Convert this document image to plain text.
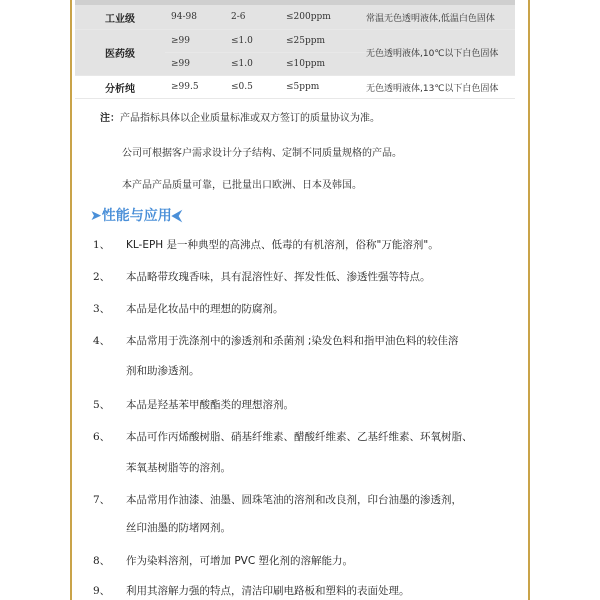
工业级	94-98	2-6	≤200ppm	常温无色透明液体,低温白色固体
医药级	≥99	≤1.0	≤25ppm	无色透明液体,10℃以下白色固体
	≥99	≤1.0	≤10ppm	
分析纯	≥99.5	≤0.5	≤5ppm	无色透明液体,13℃以下白色固体
注：产品指标具体以企业质量标准或双方签订的质量协议为准。
公司可根据客户需求设计分子结构、定制不同质量规格的产品。
本产品产品质量可靠，已批量出口欧洲、日本及韩国。
➤性能与应用⮜
1、 KL-EPH 是一种典型的高沸点、低毒的有机溶剂，俗称"万能溶剂"。
2、 本品略带玫瑰香味，具有混溶性好、挥发性低、渗透性强等特点。
3、 本品是化妆品中的理想的防腐剂。
4、 本品常用于洗涤剂中的渗透剂和杀菌剂 ;染发色料和指甲油色料的较佳溶
剂和助渗透剂。
5、 本品是羟基苯甲酸酯类的理想溶剂。
6、 本品可作丙烯酸树脂、硝基纤维素、醋酸纤维素、乙基纤维素、环氧树脂、
苯氧基树脂等的溶剂。
7、 本品常用作油漆、油墨、圆珠笔油的溶剂和改良剂，印台油墨的渗透剂，
丝印油墨的防堵网剂。
8、 作为染料溶剂，可增加 PVC 塑化剂的溶解能力。
9、 利用其溶解力强的特点，清洁印刷电路板和塑料的表面处理。
